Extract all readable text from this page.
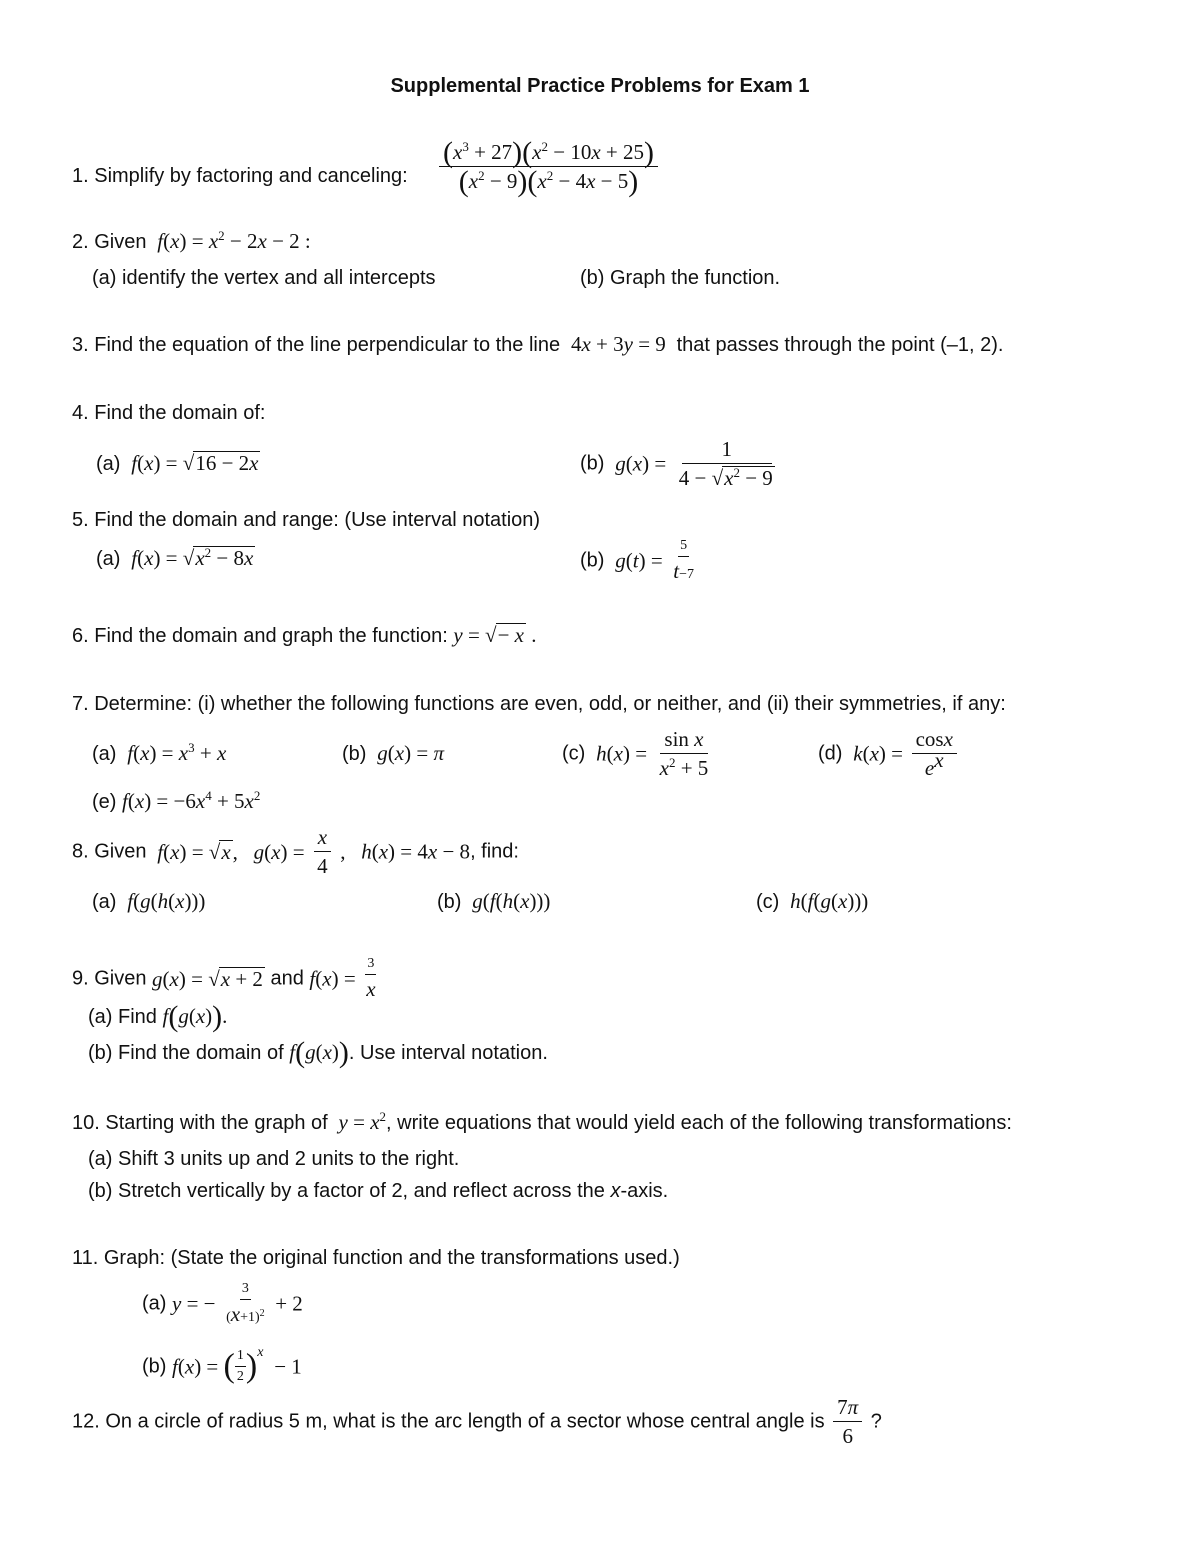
Supplemental Practice Problems for Exam 1
1. Simplify by factoring and canceling: $\frac{(x^3 + 27)(x^2 - 10x + 25)}{(x^2 - 9)(x^2 - 4x - 5)}$
2. Given $f(x) = x^2 - 2x - 2$ :
(a) identify the vertex and all intercepts	(b) Graph the function.
3. Find the equation of the line perpendicular to the line  4x + 3y = 9  that passes through the point (–1, 2).
4. Find the domain of:
(a) f(x) = √16 − 2x	(b) $g(x) = \frac{1}{4 - √x^2 - 9}$
5. Find the domain and range: (Use interval notation)
(a) $f(x) = √x^2 - 8x$	(b) $g(t) = \frac{5}{t-7}$
6. Find the domain and graph the function: y = √− x .
7. Determine: (i) whether the following functions are even, odd, or neither, and (ii) their symmetries, if any:
(a) $f(x) = x^3 + x$	(b) g(x) = π	(c) $h(x) = \frac{\text{sin x}}{x^2 + 5}$	(d) $k(x) = \frac{\cos x}{e^x}$
(e) $f(x) = -6x^4 + 5x^2$
8. Given f(x) = √x,   $g(x) = \frac{x}{4}$ ,   h(x) = 4x − 8, find:
(a) f(g(h(x)))	(b) g(f(h(x)))	(c) h(f(g(x)))
9. Given g(x) = √x + 2 and $f(x) = \frac{3}{x}$
(a) Find f(g(x)).
(b) Find the domain of f(g(x)). Use interval notation.
10. Starting with the graph of $y = x^2$, write equations that would yield each of the following transformations:
(a) Shift 3 units up and 2 units to the right.
(b) Stretch vertically by a factor of 2, and reflect across the x-axis.
11. Graph: (State the original function and the transformations used.)
(a) y = − $\frac{3}{(x+1)^2} + 2$
(b) f(x) = ( $\frac{1}{2} )^x - 1$
12. On a circle of radius 5 m, what is the arc length of a sector whose central angle is $\frac{7\pi}{6}$ ?
